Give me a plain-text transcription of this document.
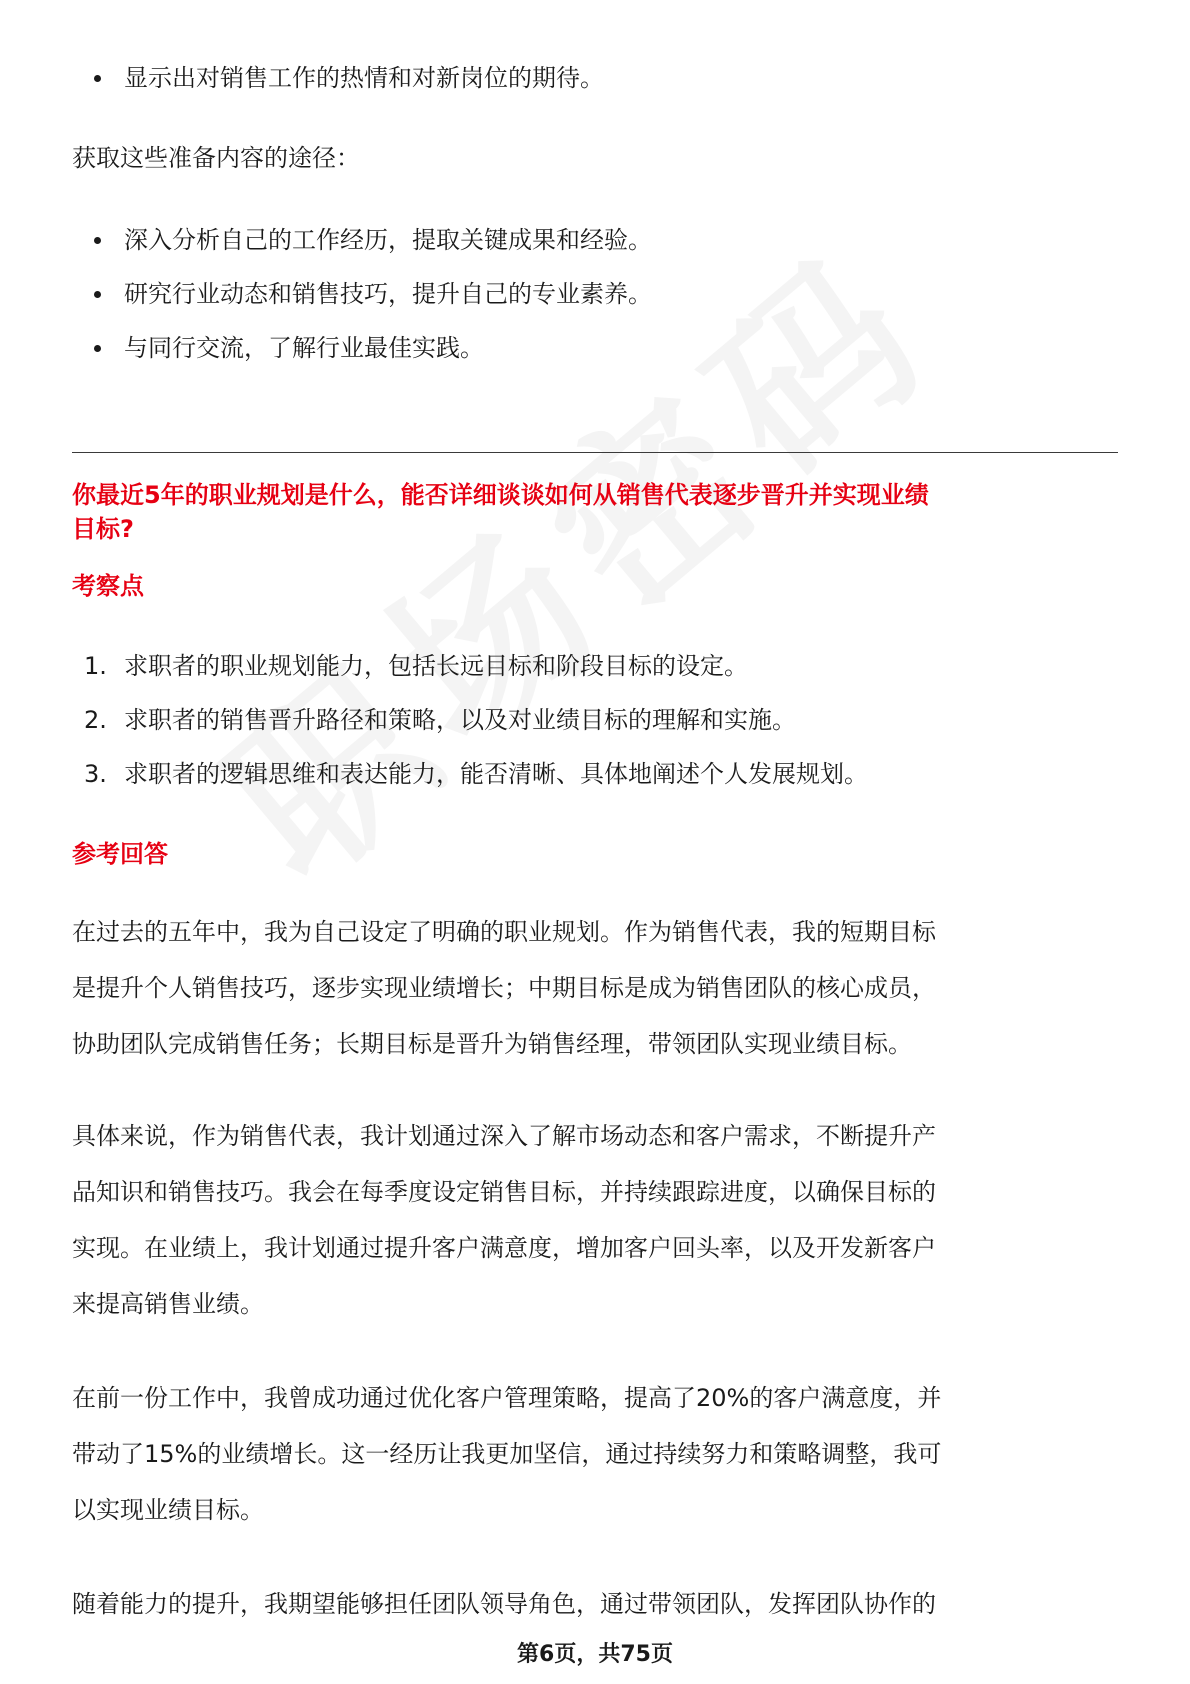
显示出对销售工作的热情和对新岗位的期待。
获取这些准备内容的途径：
深入分析自己的工作经历，提取关键成果和经验。
研究行业动态和销售技巧，提升自己的专业素养。
与同行交流，了解行业最佳实践。
你最近5年的职业规划是什么，能否详细谈谈如何从销售代表逐步晋升并实现业绩
目标?
考察点
1. 求职者的职业规划能力，包括长远目标和阶段目标的设定。
2. 求职者的销售晋升路径和策略，以及对业绩目标的理解和实施。
3. 求职者的逻辑思维和表达能力，能否清晰、具体地阐述个人发展规划。
参考回答
在过去的五年中，我为自己设定了明确的职业规划。作为销售代表，我的短期目标
是提升个人销售技巧，逐步实现业绩增长；中期目标是成为销售团队的核心成员，
协助团队完成销售任务；长期目标是晋升为销售经理，带领团队实现业绩目标。
具体来说，作为销售代表，我计划通过深入了解市场动态和客户需求，不断提升产
品知识和销售技巧。我会在每季度设定销售目标，并持续跟踪进度，以确保目标的
实现。在业绩上，我计划通过提升客户满意度，增加客户回头率，以及开发新客户
来提高销售业绩。
在前一份工作中，我曾成功通过优化客户管理策略，提高了20%的客户满意度，并
带动了15%的业绩增长。这一经历让我更加坚信，通过持续努力和策略调整，我可
以实现业绩目标。
随着能力的提升，我期望能够担任团队领导角色，通过带领团队，发挥团队协作的
第6页，共75页
